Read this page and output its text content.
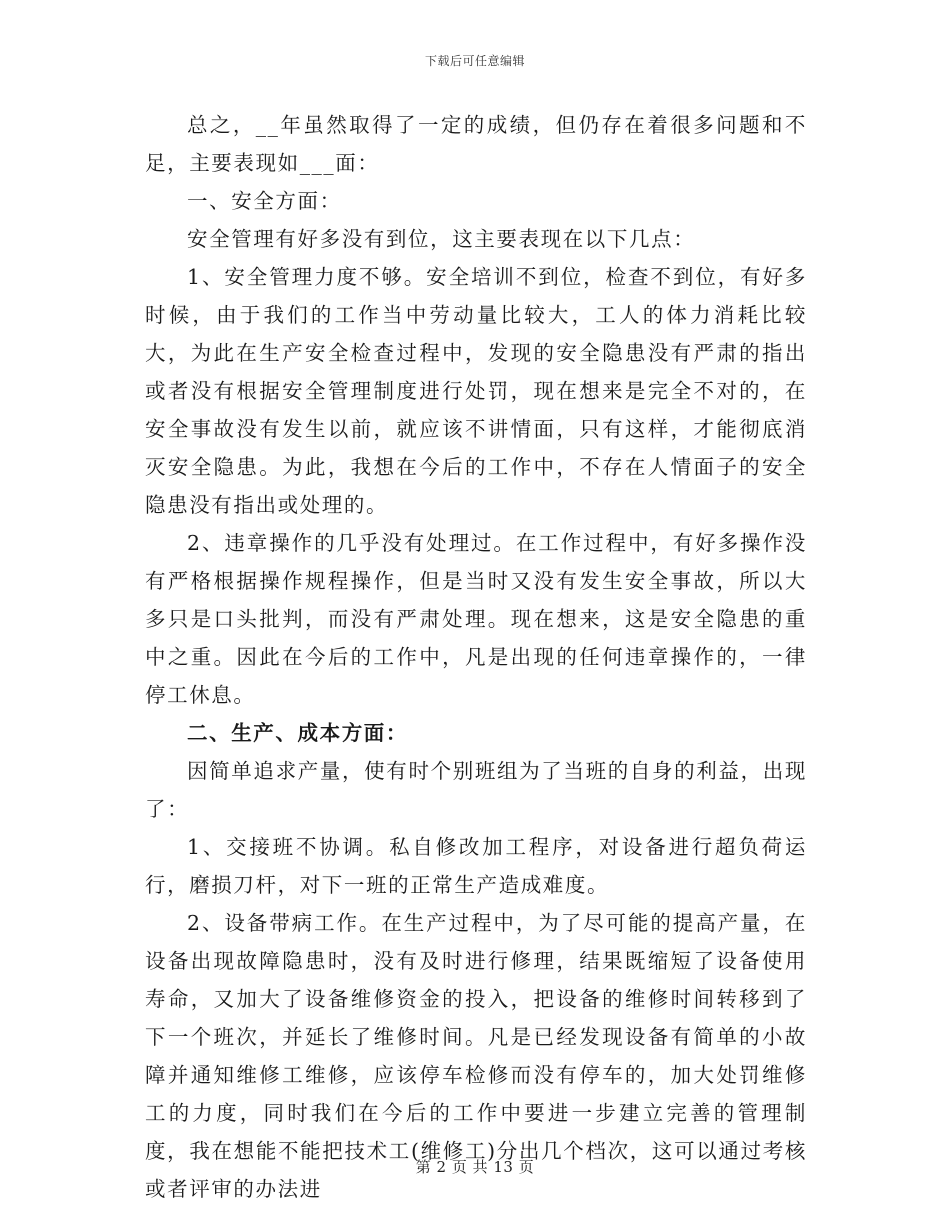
下载后可任意编辑

总之，__年虽然取得了一定的成绩，但仍存在着很多问题和不足，主要表现如___面：

一、安全方面：

安全管理有好多没有到位，这主要表现在以下几点：

1、安全管理力度不够。安全培训不到位，检查不到位，有好多时候，由于我们的工作当中劳动量比较大，工人的体力消耗比较大，为此在生产安全检查过程中，发现的安全隐患没有严肃的指出或者没有根据安全管理制度进行处罚，现在想来是完全不对的，在安全事故没有发生以前，就应该不讲情面，只有这样，才能彻底消灭安全隐患。为此，我想在今后的工作中，不存在人情面子的安全隐患没有指出或处理的。

2、违章操作的几乎没有处理过。在工作过程中，有好多操作没有严格根据操作规程操作，但是当时又没有发生安全事故，所以大多只是口头批判，而没有严肃处理。现在想来，这是安全隐患的重中之重。因此在今后的工作中，凡是出现的任何违章操作的，一律停工休息。

二、生产、成本方面：

因简单追求产量，使有时个别班组为了当班的自身的利益，出现了：

1、交接班不协调。私自修改加工程序，对设备进行超负荷运行，磨损刀杆，对下一班的正常生产造成难度。

2、设备带病工作。在生产过程中，为了尽可能的提高产量，在设备出现故障隐患时，没有及时进行修理，结果既缩短了设备使用寿命，又加大了设备维修资金的投入，把设备的维修时间转移到了下一个班次，并延长了维修时间。凡是已经发现设备有简单的小故障并通知维修工维修，应该停车检修而没有停车的，加大处罚维修工的力度，同时我们在今后的工作中要进一步建立完善的管理制度，我在想能不能把技术工(维修工)分出几个档次，这可以通过考核或者评审的办法进

第 2 页 共 13 页
